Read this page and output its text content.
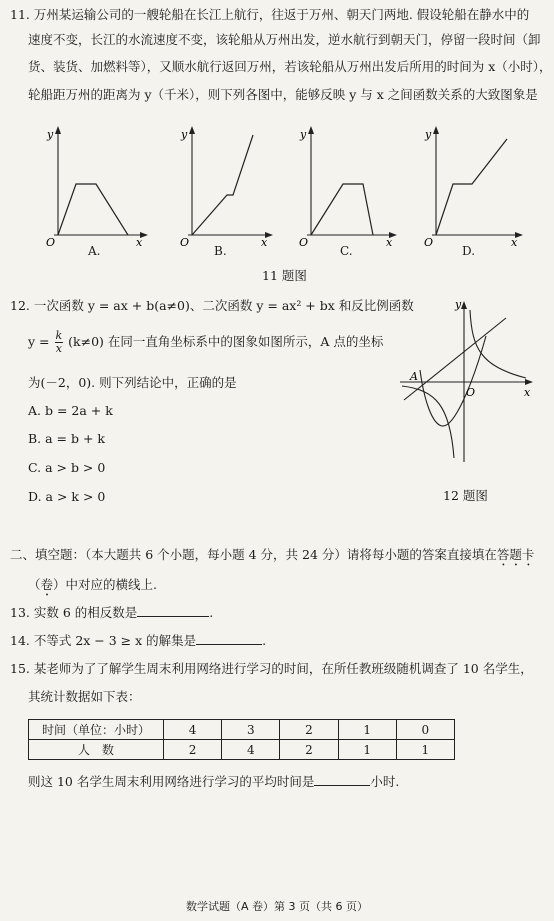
11. 万州某运输公司的一艘轮船在长江上航行，往返于万州、朝天门两地. 假设轮船在静水中的
速度不变，长江的水流速度不变，该轮船从万州出发，逆水航行到朝天门，停留一段时间（卸
货、装货、加燃料等），又顺水航行返回万州，若该轮船从万州出发后所用的时间为 x（小时），
轮船距万州的距离为 y（千米），则下列各图中，能够反映 y 与 x 之间函数关系的大致图象是
y
x
O
A.
y
x
O
B.
y
x
O
C.
y
x
O
D.
11 题图
12. 一次函数 y = ax + b(a≠0)、二次函数 y = ax² + bx 和反比例函数
$y = \frac{k}{x} (k\ne 0)$ 在同一直角坐标系中的图象如图所示，A 点的坐标
为(－2，0). 则下列结论中，正确的是
A. b = 2a + k
B. a = b + k
C. a > b > 0
D. a > k > 0
y
x
O
A
12 题图
二、填空题：（本大题共 6 个小题，每小题 4 分，共 24 分）请将每小题的答案直接填在答题卡
（卷）中对应的横线上.
13. 实数 6 的相反数是	.
14. 不等式 2x − 3 ≥ x 的解集是	.
15. 某老师为了了解学生周末利用网络进行学习的时间，在所任教班级随机调查了 10 名学生，
其统计数据如下表：
时间（单位：小时）	4	3	2	1	0
人　数	2	4	2	1	1
则这 10 名学生周末利用网络进行学习的平均时间是	小时.
数学试题（A 卷）第 3 页（共 6 页）
